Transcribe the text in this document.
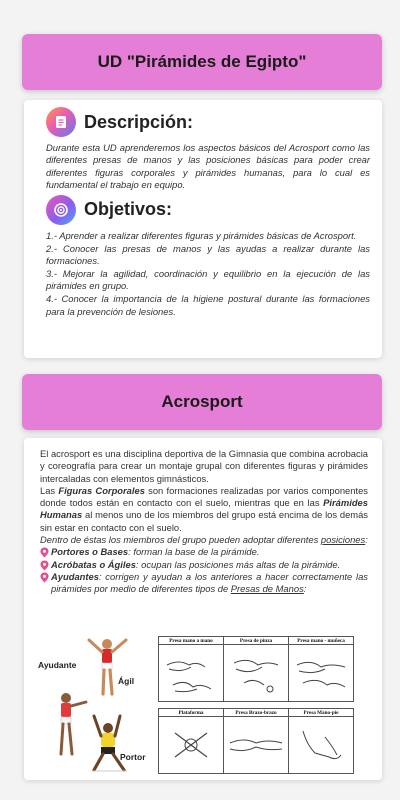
UD "Pirámides de Egipto"
Descripción:

Durante esta UD aprenderemos los aspectos básicos del Acrosport como las diferentes presas de manos y las posiciones básicas para poder crear diferentes figuras corporales y pirámides humanas, para lo cual es fundamental el trabajo en equipo.

Objetivos:
1.- Aprender a realizar diferentes figuras y pirámides básicas de Acrosport.
2.- Conocer las presas de manos y las ayudas a realizar durante las formaciones.
3.- Mejorar la agilidad, coordinación y equilibrio en la ejecución de las pirámides en grupo.
4.- Conocer la importancia de la higiene postural durante las formaciones para la prevención de lesiones.
Acrosport

El acrosport es una disciplina deportiva de la Gimnasia que combina acrobacia y coreografía para crear un montaje grupal con diferentes figuras y pirámides intercaladas con elementos gimnásticos.

Las Figuras Corporales son formaciones realizadas por varios componentes donde todos están en contacto con el suelo, mientras que en las Pirámides Humanas al menos uno de los miembros del grupo está encima de los demás sin estar en contacto con el suelo.

Dentro de éstas los miembros del grupo pueden adoptar diferentes posiciones:

Portores o Bases: forman la base de la pirámide.
Acróbatas o Ágiles: ocupan las posiciones más altas de la pirámide.
Ayudantes: corrigen y ayudan a los anteriores a hacer correctamente las pirámides por medio de diferentes tipos de Presas de Manos:
Ayudante
Ágil
Portor
Presa mano a mano	Presa de pinza	Presa mano - muñeca
Plataforma	Presa Brazo-brazo	Presa Mano-pie
